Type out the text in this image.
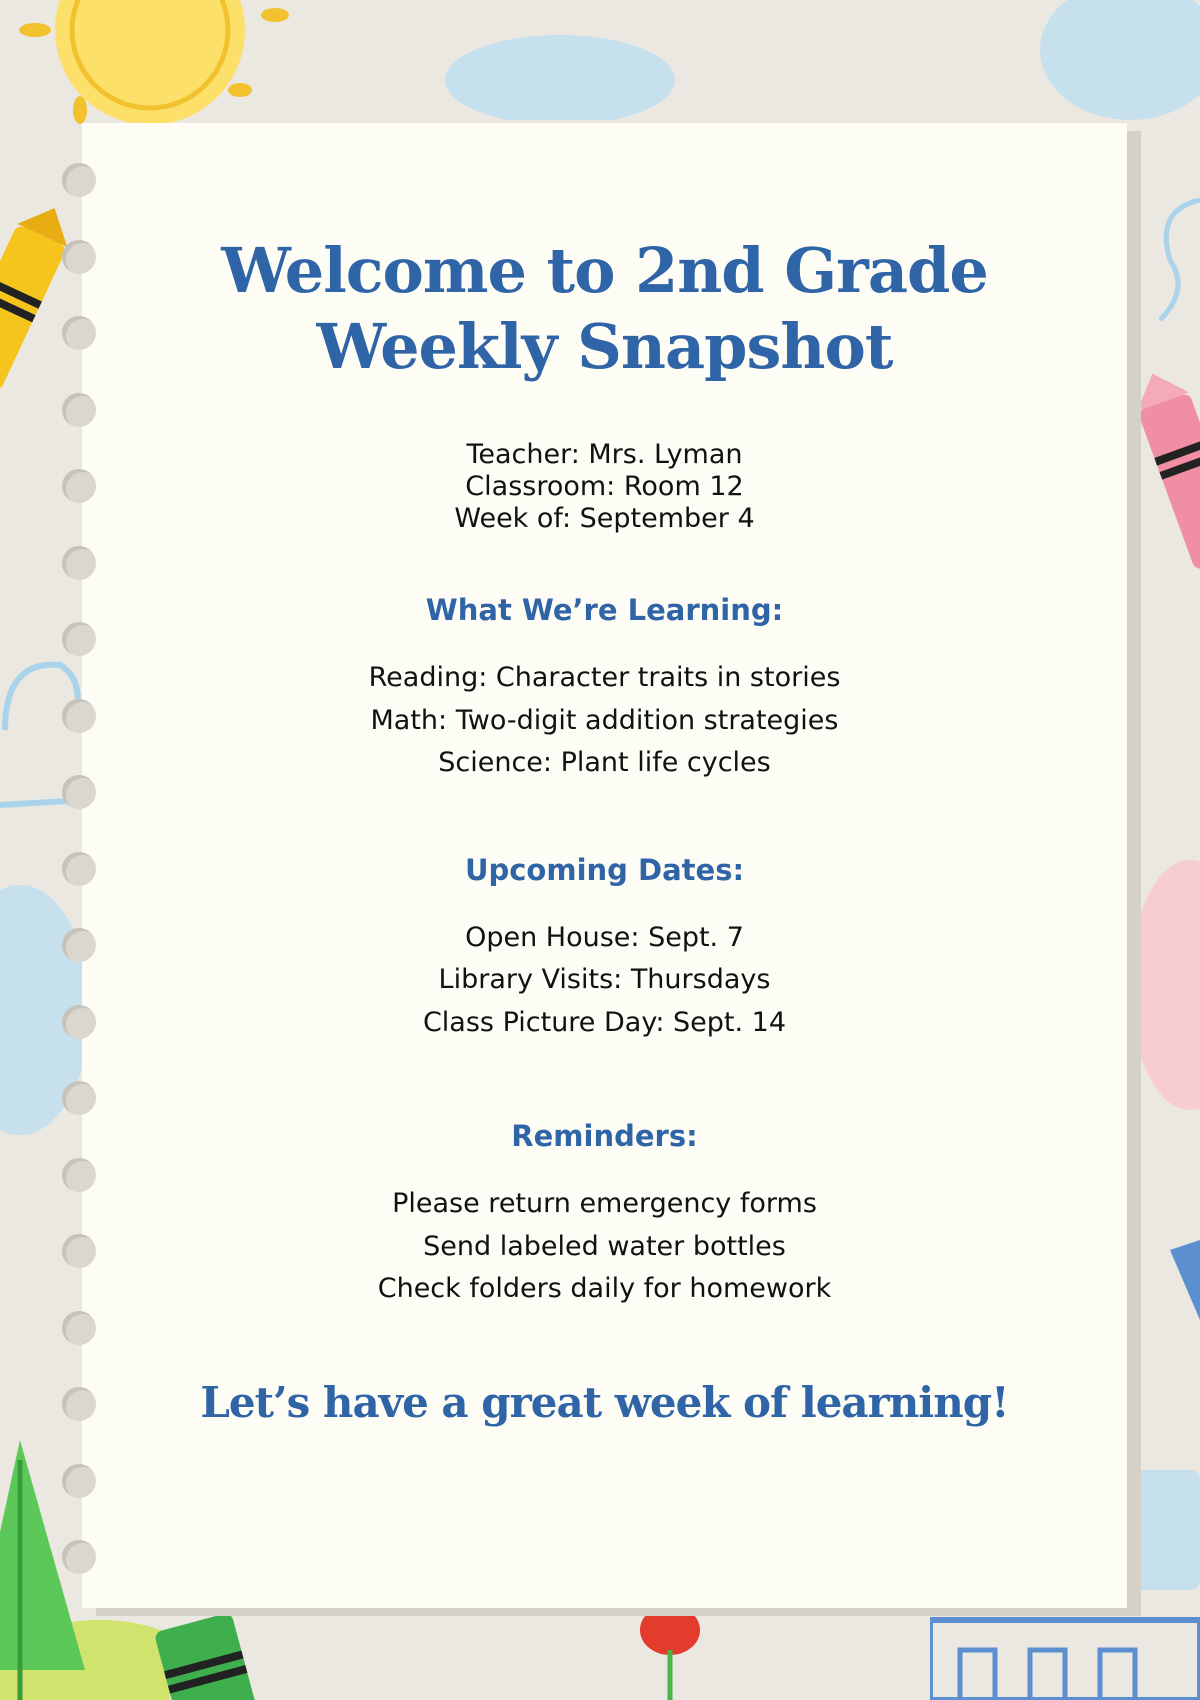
Welcome to 2nd Grade
Weekly Snapshot
Teacher: Mrs. Lyman
Classroom: Room 12
Week of: September 4
What We’re Learning:
Reading: Character traits in stories
Math: Two-digit addition strategies
Science: Plant life cycles
Upcoming Dates:
Open House: Sept. 7
Library Visits: Thursdays
Class Picture Day: Sept. 14
Reminders:
Please return emergency forms
Send labeled water bottles
Check folders daily for homework
Let’s have a great week of learning!
